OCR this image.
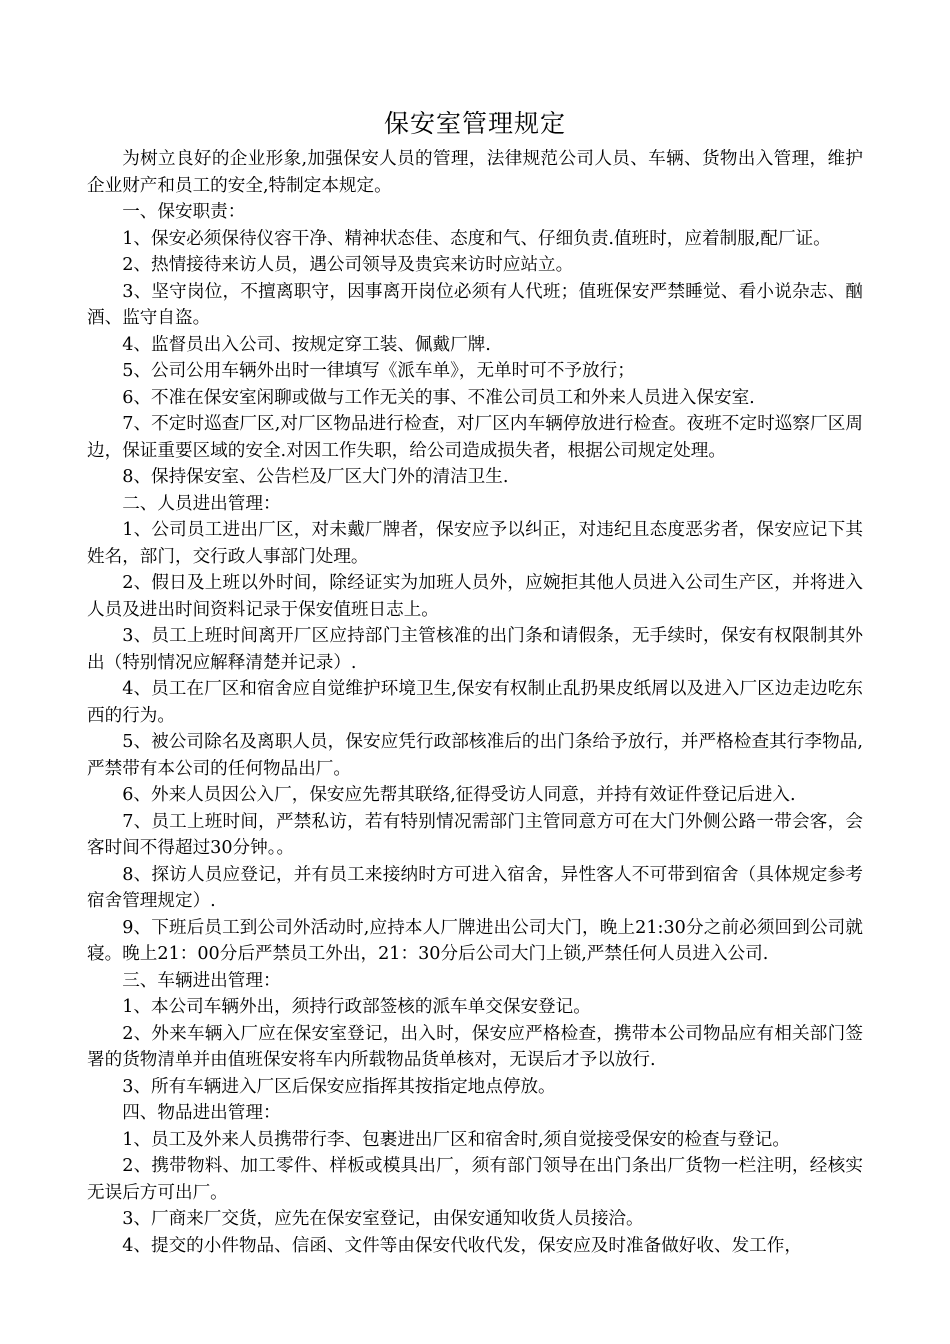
保安室管理规定

为树立良好的企业形象,加强保安人员的管理，法律规范公司人员、车辆、货物出入管理，维护企业财产和员工的安全,特制定本规定。

一、保安职责：

1、保安必须保待仪容干净、精神状态佳、态度和气、仔细负责.值班时，应着制服,配厂证。

2、热情接待来访人员，遇公司领导及贵宾来访时应站立。

3、坚守岗位，不擅离职守，因事离开岗位必须有人代班；值班保安严禁睡觉、看小说杂志、酗酒、监守自盗。

4、监督员出入公司、按规定穿工装、佩戴厂牌.

5、公司公用车辆外出时一律填写《派车单》，无单时可不予放行；

6、不准在保安室闲聊或做与工作无关的事、不准公司员工和外来人员进入保安室.

7、不定时巡查厂区,对厂区物品进行检查，对厂区内车辆停放进行检查。夜班不定时巡察厂区周边，保证重要区域的安全.对因工作失职，给公司造成损失者，根据公司规定处理。

8、保持保安室、公告栏及厂区大门外的清洁卫生.

二、人员进出管理：

1、公司员工进出厂区，对未戴厂牌者，保安应予以纠正，对违纪且态度恶劣者，保安应记下其姓名，部门，交行政人事部门处理。

2、假日及上班以外时间，除经证实为加班人员外，应婉拒其他人员进入公司生产区，并将进入人员及进出时间资料记录于保安值班日志上。

3、员工上班时间离开厂区应持部门主管核准的出门条和请假条，无手续时，保安有权限制其外出（特别情况应解释清楚并记录）.

4、员工在厂区和宿舍应自觉维护环境卫生,保安有权制止乱扔果皮纸屑以及进入厂区边走边吃东西的行为。

5、被公司除名及离职人员，保安应凭行政部核准后的出门条给予放行，并严格检查其行李物品,严禁带有本公司的任何物品出厂。

6、外来人员因公入厂，保安应先帮其联络,征得受访人同意，并持有效证件登记后进入.

7、员工上班时间，严禁私访，若有特别情况需部门主管同意方可在大门外侧公路一带会客，会客时间不得超过30分钟。。

8、探访人员应登记，并有员工来接纳时方可进入宿舍，异性客人不可带到宿舍（具体规定参考宿舍管理规定）.

9、下班后员工到公司外活动时,应持本人厂牌进出公司大门，晚上21:30分之前必须回到公司就寝。晚上21：00分后严禁员工外出，21：30分后公司大门上锁,严禁任何人员进入公司.

三、车辆进出管理：

1、本公司车辆外出，须持行政部签核的派车单交保安登记。

2、外来车辆入厂应在保安室登记，出入时，保安应严格检查，携带本公司物品应有相关部门签署的货物清单并由值班保安将车内所载物品货单核对，无误后才予以放行.

3、所有车辆进入厂区后保安应指挥其按指定地点停放。

四、物品进出管理：

1、员工及外来人员携带行李、包裹进出厂区和宿舍时,须自觉接受保安的检查与登记。

2、携带物料、加工零件、样板或模具出厂，须有部门领导在出门条出厂货物一栏注明，经核实无误后方可出厂。

3、厂商来厂交货，应先在保安室登记，由保安通知收货人员接洽。

4、提交的小件物品、信函、文件等由保安代收代发，保安应及时准备做好收、发工作，
